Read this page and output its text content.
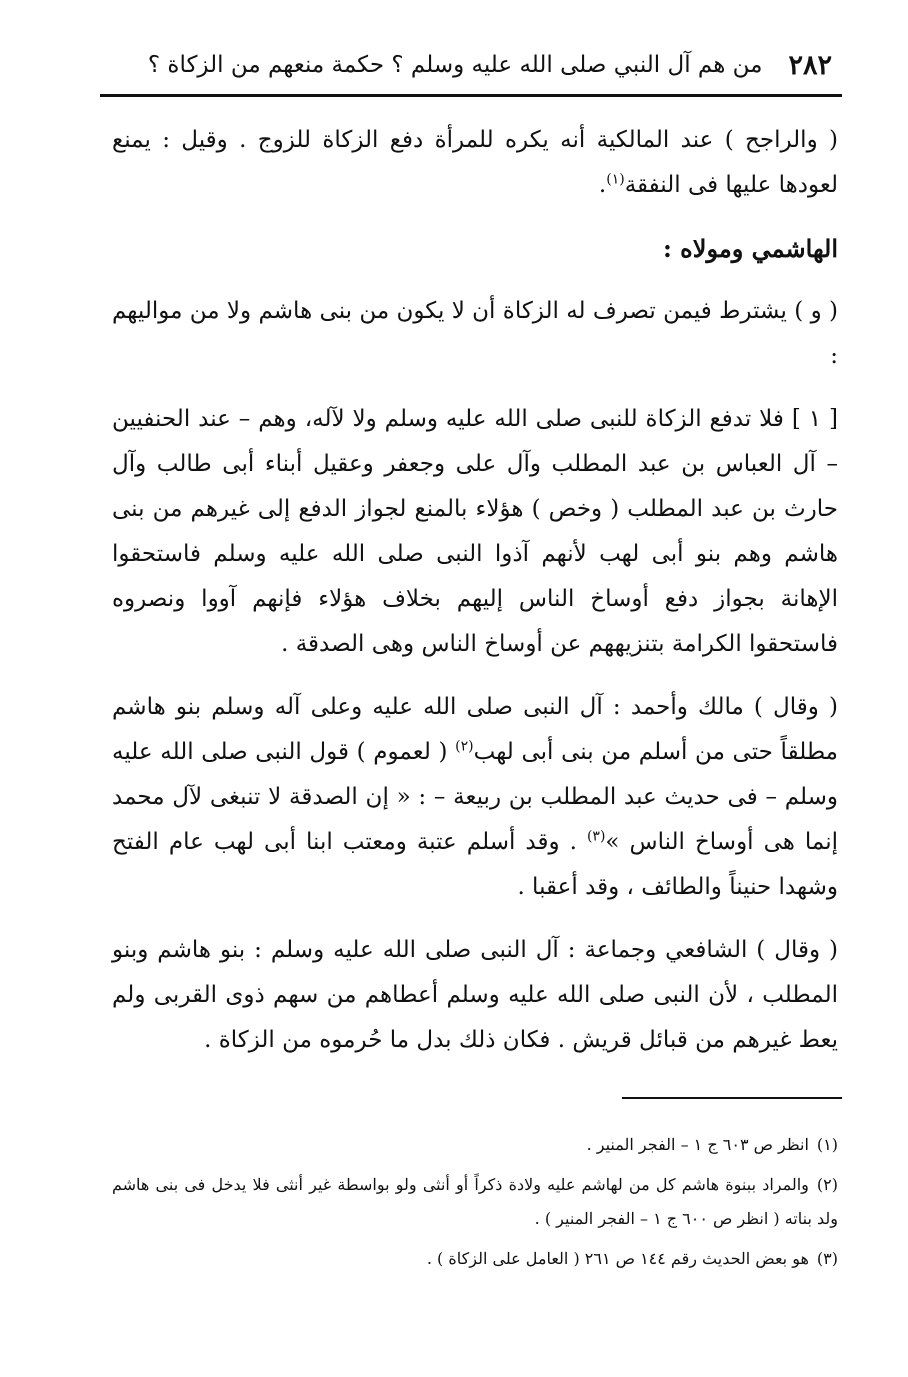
٢٨٢
من هم آل النبي صلى الله عليه وسلم ؟ حكمة منعهم من الزكاة ؟

( والراجح ) عند المالكية أنه يكره للمرأة دفع الزكاة للزوج . وقيل : يمنع لعودها عليها فى النفقة$^{(١)}$.

الهاشمي ومولاه :

( و ) يشترط فيمن تصرف له الزكاة أن لا يكون من بنى هاشم ولا من مواليهم :

[ ١ ] فلا تدفع الزكاة للنبى صلى الله عليه وسلم ولا لآله، وهم – عند الحنفيين – آل العباس بن عبد المطلب وآل على وجعفر وعقيل أبناء أبى طالب وآل حارث بن عبد المطلب ( وخص ) هؤلاء بالمنع لجواز الدفع إلى غيرهم من بنى هاشم وهم بنو أبى لهب لأنهم آذوا النبى صلى الله عليه وسلم فاستحقوا الإهانة بجواز دفع أوساخ الناس إليهم بخلاف هؤلاء فإنهم آووا ونصروه فاستحقوا الكرامة بتنزيههم عن أوساخ الناس وهى الصدقة .

( وقال ) مالك وأحمد : آل النبى صلى الله عليه وعلى آله وسلم بنو هاشم مطلقاً حتى من أسلم من بنى أبى لهب$^{(٢)}$ ( لعموم ) قول النبى صلى الله عليه وسلم – فى حديث عبد المطلب بن ربيعة – : « إن الصدقة لا تنبغى لآل محمد إنما هى أوساخ الناس »$^{(٣)}$ . وقد أسلم عتبة ومعتب ابنا أبى لهب عام الفتح وشهدا حنيناً والطائف ، وقد أعقبا .

( وقال ) الشافعي وجماعة : آل النبى صلى الله عليه وسلم : بنو هاشم وبنو المطلب ، لأن النبى صلى الله عليه وسلم أعطاهم من سهم ذوى القربى ولم يعط غيرهم من قبائل قريش . فكان ذلك بدل ما حُرموه من الزكاة .

(١)انظر ص ٦٠٣ ج ١ – الفجر المنير .

(٢)والمراد ببنوة هاشم كل من لهاشم عليه ولادة ذكراً أو أنثى ولو بواسطة غير أنثى فلا يدخل فى بنى هاشم ولد بناته ( انظر ص ٦٠٠ ج ١ – الفجر المنير ) .

(٣)هو بعض الحديث رقم ١٤٤ ص ٢٦١ ( العامل على الزكاة ) .
